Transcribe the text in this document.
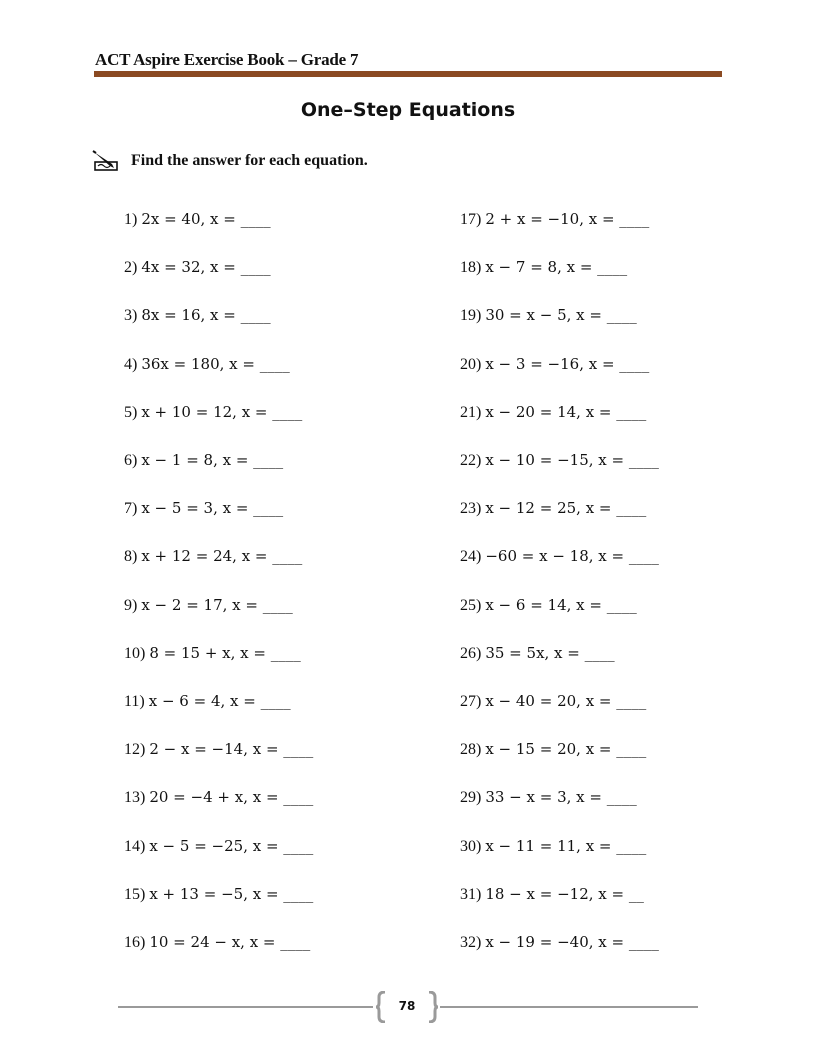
ACT Aspire Exercise Book – Grade 7
One–Step Equations
Find the answer for each equation.
1) 2x = 40, x = ____
2) 4x = 32, x = ____
3) 8x = 16, x = ____
4) 36x = 180, x = ____
5) x + 10 = 12, x = ____
6) x − 1 = 8, x = ____
7) x − 5 = 3, x = ____
8) x + 12 = 24, x = ____
9) x − 2 = 17, x = ____
10) 8 = 15 + x, x = ____
11) x − 6 = 4, x = ____
12) 2 − x = −14, x = ____
13) 20 = −4 + x, x = ____
14) x − 5 = −25, x = ____
15) x + 13 = −5, x = ____
16) 10 = 24 − x, x = ____
17) 2 + x = −10, x = ____
18) x − 7 = 8, x = ____
19) 30 = x − 5, x = ____
20) x − 3 = −16, x = ____
21) x − 20 = 14, x = ____
22) x − 10 = −15, x = ____
23) x − 12 = 25, x = ____
24) −60 = x − 18, x = ____
25) x − 6 = 14, x = ____
26) 35 = 5x, x = ____
27) x − 40 = 20, x = ____
28) x − 15 = 20, x = ____
29) 33 − x = 3, x = ____
30) x − 11 = 11, x = ____
31) 18 − x = −12, x = __
32) x − 19 = −40, x = ____
78
